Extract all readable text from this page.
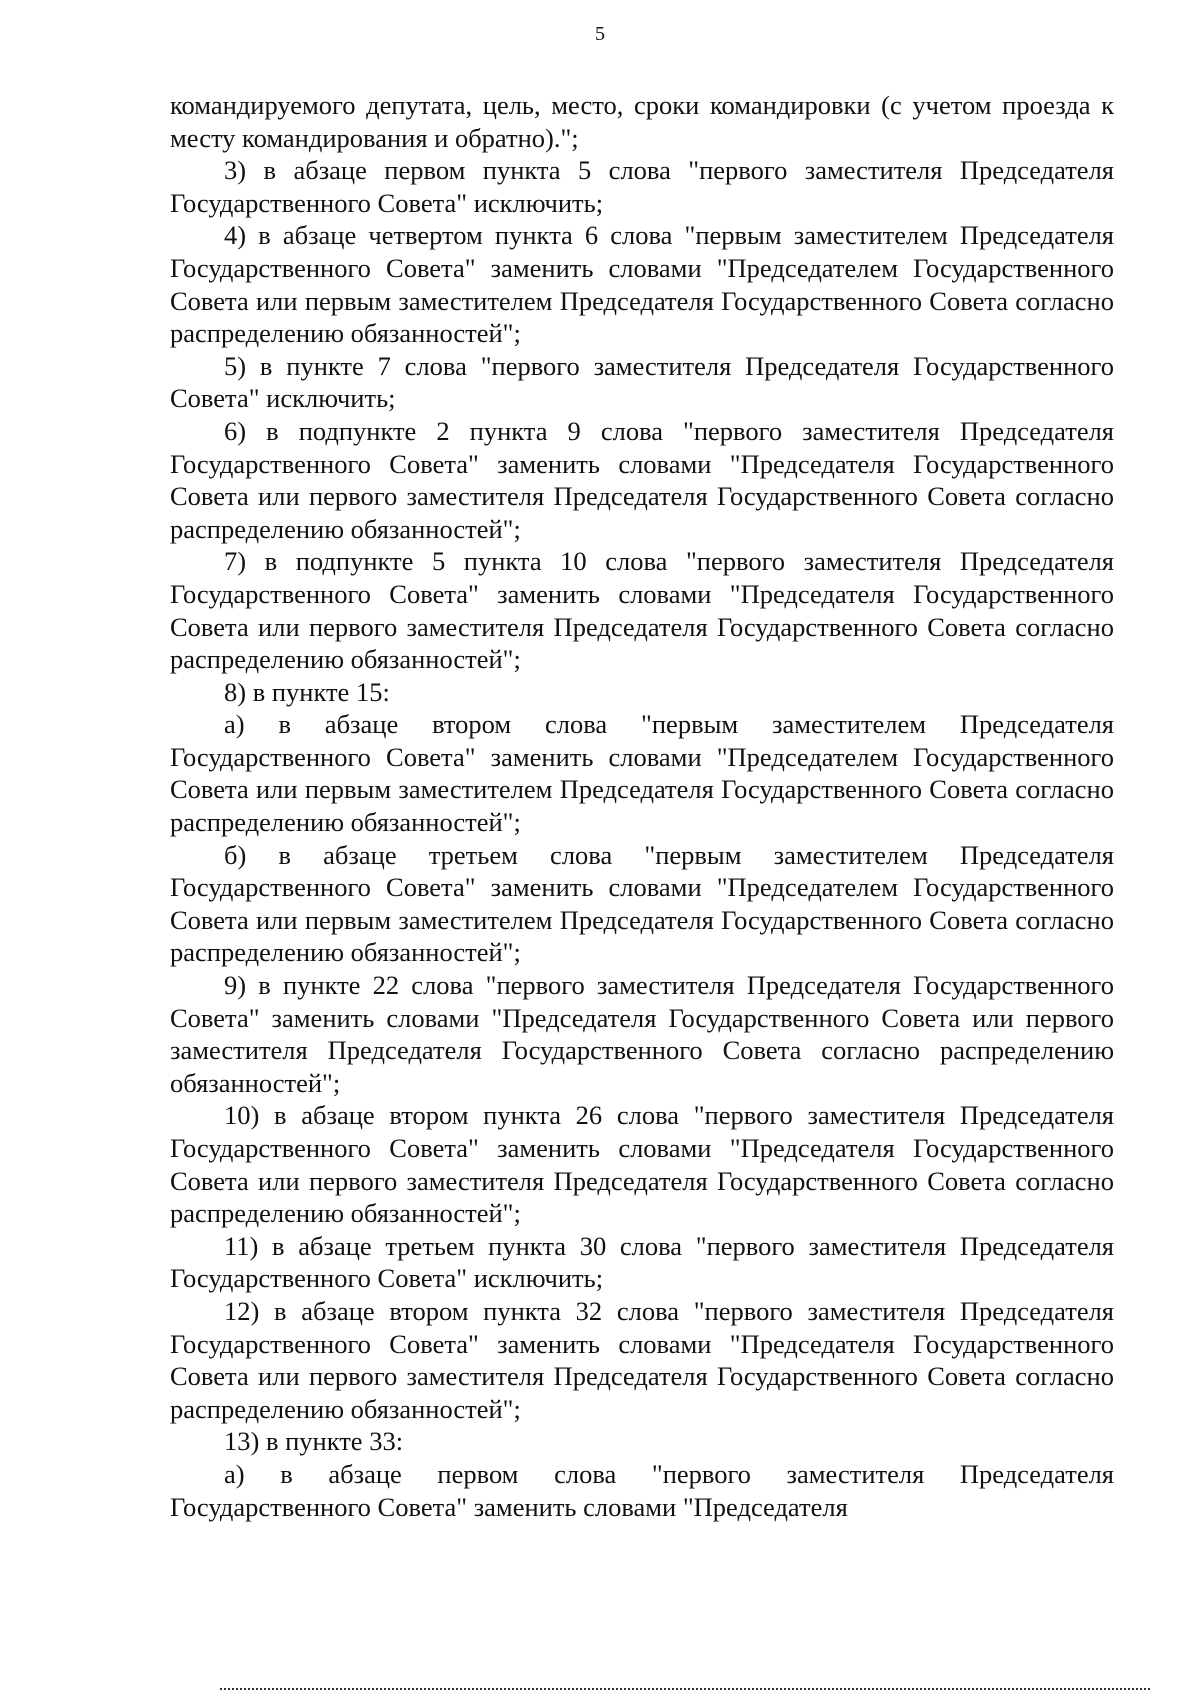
5

командируемого депутата, цель, место, сроки командировки (с учетом проезда к месту командирования и обратно).";

3) в абзаце первом пункта 5 слова "первого заместителя Председателя Государственного Совета" исключить;

4) в абзаце четвертом пункта 6 слова "первым заместителем Председателя Государственного Совета" заменить словами "Председателем Государственного Совета или первым заместителем Председателя Государственного Совета согласно распределению обязанностей";

5) в пункте 7 слова "первого заместителя Председателя Государственного Совета" исключить;

6) в подпункте 2 пункта 9 слова "первого заместителя Председателя Государственного Совета" заменить словами "Председателя Государственного Совета или первого заместителя Председателя Государственного Совета согласно распределению обязанностей";

7) в подпункте 5 пункта 10 слова "первого заместителя Председателя Государственного Совета" заменить словами "Председателя Государственного Совета или первого заместителя Председателя Государственного Совета согласно распределению обязанностей";

8) в пункте 15:

а) в абзаце втором слова "первым заместителем Председателя Государственного Совета" заменить словами "Председателем Государственного Совета или первым заместителем Председателя Государственного Совета согласно распределению обязанностей";

б) в абзаце третьем слова "первым заместителем Председателя Государственного Совета" заменить словами "Председателем Государственного Совета или первым заместителем Председателя Государственного Совета согласно распределению обязанностей";

9) в пункте 22 слова "первого заместителя Председателя Государственного Совета" заменить словами "Председателя Государственного Совета или первого заместителя Председателя Государственного Совета согласно распределению обязанностей";

10) в абзаце втором пункта 26 слова "первого заместителя Председателя Государственного Совета" заменить словами "Председателя Государственного Совета или первого заместителя Председателя Государственного Совета согласно распределению обязанностей";

11) в абзаце третьем пункта 30 слова "первого заместителя Председателя Государственного Совета" исключить;

12) в абзаце втором пункта 32 слова "первого заместителя Председателя Государственного Совета" заменить словами "Председателя Государственного Совета или первого заместителя Председателя Государственного Совета согласно распределению обязанностей";

13) в пункте 33:

а) в абзаце первом слова "первого заместителя Председателя Государственного Совета" заменить словами "Председателя
